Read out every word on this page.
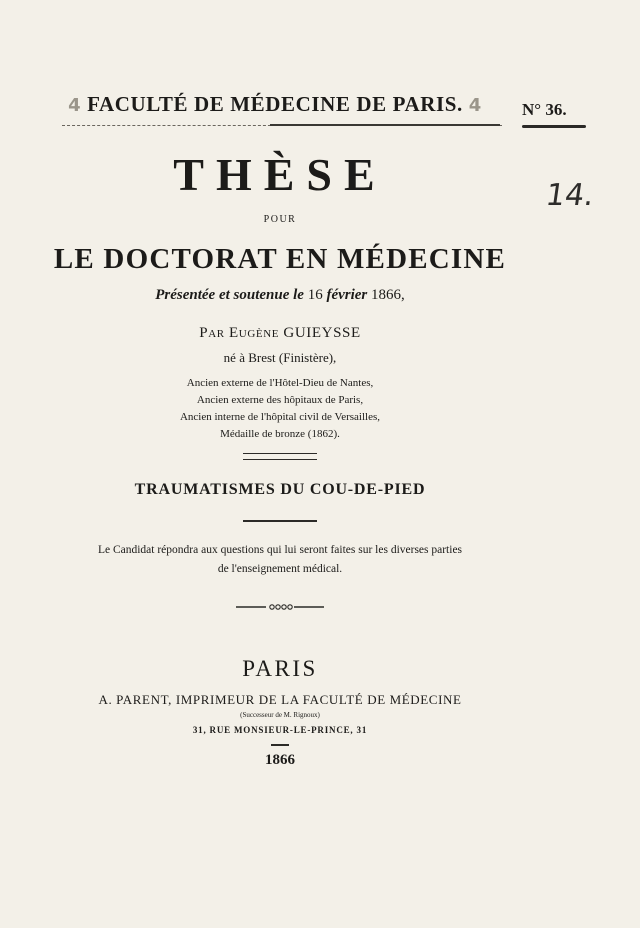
4 FACULTÉ DE MÉDECINE DE PARIS. 4	N° 36.
14.
THÈSE
POUR
LE DOCTORAT EN MÉDECINE
Présentée et soutenue le 16 février 1866,
Par Eugène GUIEYSSE
né à Brest (Finistère),
Ancien externe de l'Hôtel-Dieu de Nantes,
Ancien externe des hôpitaux de Paris,
Ancien interne de l'hôpital civil de Versailles,
Médaille de bronze (1862).
TRAUMATISMES DU COU-DE-PIED
Le Candidat répondra aux questions qui lui seront faites sur les diverses parties
de l'enseignement médical.
PARIS
A. PARENT, IMPRIMEUR DE LA FACULTÉ DE MÉDECINE
(Successeur de M. Rignoux)
31, RUE MONSIEUR-LE-PRINCE, 31
1866
